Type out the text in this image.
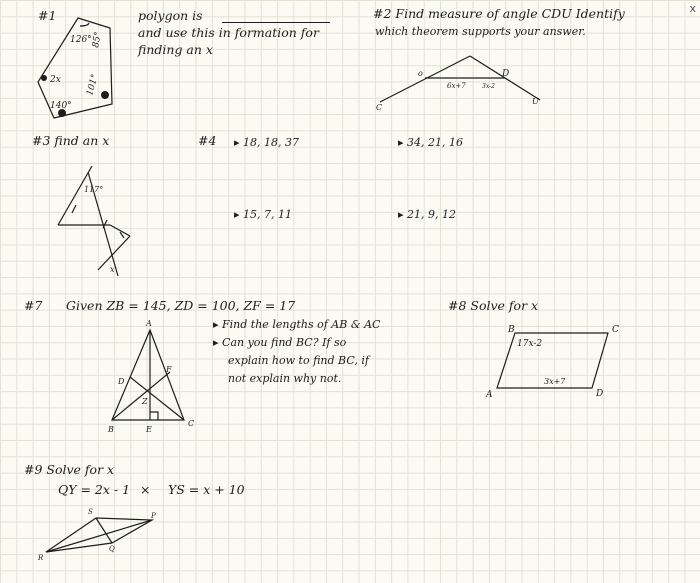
x
#1	polygon is
and use this in formation for
finding an x
126° 85°
2x
140°
101°	o
6x+7	3x-2
C
D
U
117°
x
A
D
F
Z
B	E
C
B	C
A	D
17x-2
3x+7
S	P
R
Q
#2 Find measure of angle CDU Identify
which theorem supports your answer.
#3 find an x	#4 ▸ 18, 18, 37	▸ 34, 21, 16
▸ 15, 7, 11	▸ 21, 9, 12
#7 Given ZB = 145, ZD = 100, ZF = 17
▸ Find the lengths of AB & AC
▸ Can you find BC? If so
explain how to find BC, if
not explain why not.
#8 Solve for x
#9 Solve for x
QY = 2x - 1 × YS = x + 10
